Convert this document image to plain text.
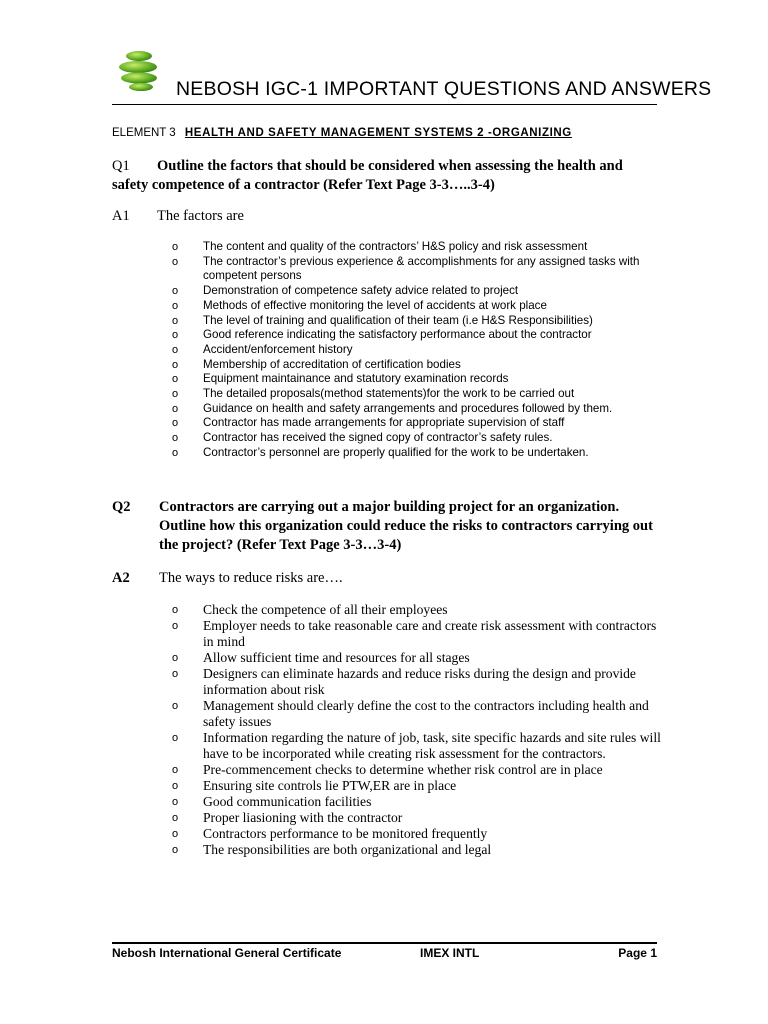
NEBOSH IGC-1 IMPORTANT QUESTIONS AND ANSWERS
ELEMENT 3 HEALTH AND SAFETY MANAGEMENT SYSTEMS 2 -ORGANIZING
Q1 Outline the factors that should be considered when assessing the health and safety competence of a contractor (Refer Text Page 3-3…..3-4)
A1 The factors are
o The content and quality of the contractors’ H&S policy and risk assessment
o The contractor’s previous experience & accomplishments for any assigned tasks with competent persons
o Demonstration of competence safety advice related to project
o Methods of effective monitoring the level of accidents at work place
o The level of training and qualification of their team (i.e H&S Responsibilities)
o Good reference indicating the satisfactory performance about the contractor
o Accident/enforcement history
o Membership of accreditation of certification bodies
o Equipment maintainance and statutory examination records
o The detailed proposals(method statements)for the work to be carried out
o Guidance on health and safety arrangements and procedures followed by them.
o Contractor has made arrangements for appropriate supervision of staff
o Contractor has received the signed copy of contractor’s safety rules.
o Contractor’s personnel are properly qualified for the work to be undertaken.
Q2 Contractors are carrying out a major building project for an organization. Outline how this organization could reduce the risks to contractors carrying out the project? (Refer Text Page 3-3…3-4)
A2 The ways to reduce risks are….
o Check the competence of all their employees
o Employer needs to take reasonable care and create risk assessment with contractors in mind
o Allow sufficient time and resources for all stages
o Designers can eliminate hazards and reduce risks during the design and provide information about risk
o Management should clearly define the cost to the contractors including health and safety issues
o Information regarding the nature of job, task, site specific hazards and site rules will have to be incorporated while creating risk assessment for the contractors.
o Pre-commencement checks to determine whether risk control are in place
o Ensuring site controls lie PTW,ER are in place
o Good communication facilities
o Proper liasioning with the contractor
o Contractors performance to be monitored frequently
o The responsibilities are both organizational and legal
Nebosh International General Certificate	IMEX INTL	Page 1
